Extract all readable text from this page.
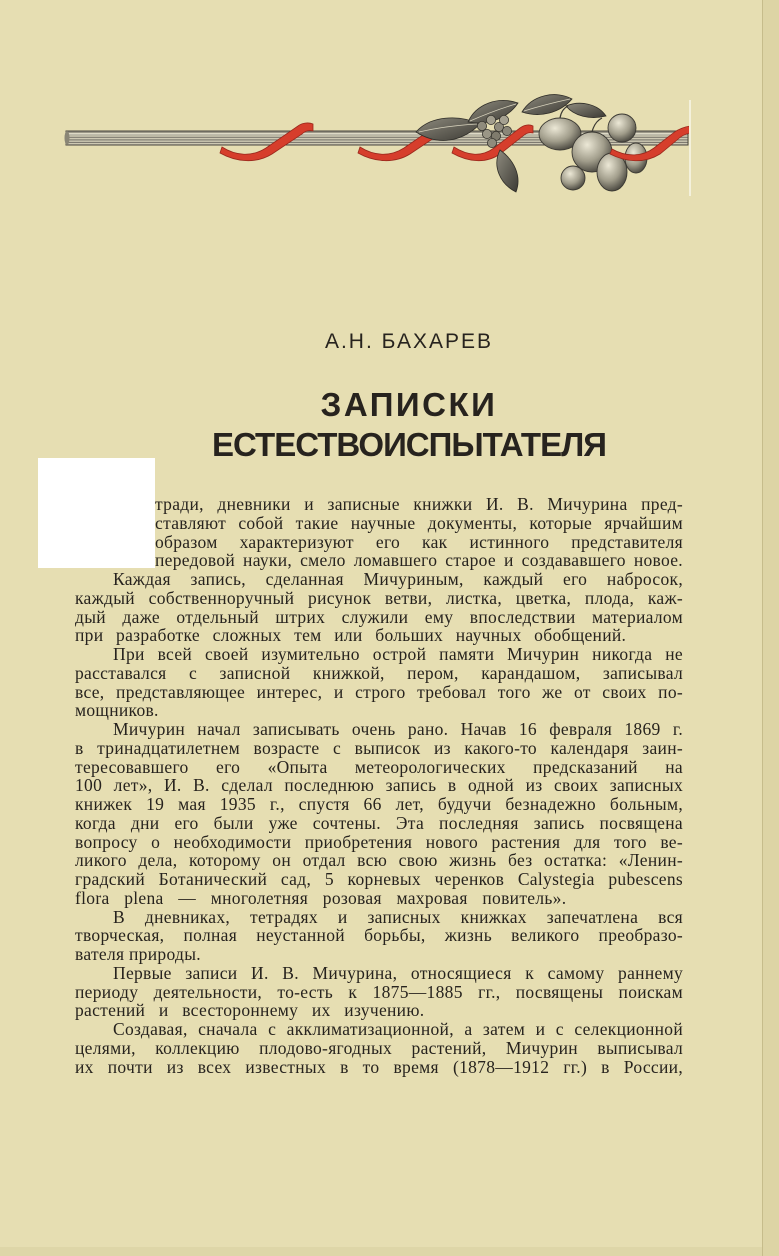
А.Н. БАХАРЕВ
ЗАПИСКИ
ЕСТЕСТВОИСПЫТАТЕЛЯ
тради, дневники и записные книжки И. В. Мичурина пред-
ставляют собой такие научные документы, которые ярчайшим
образом характеризуют его как истинного представителя
передовой науки, смело ломавшего старое и создававшего новое.
Каждая запись, сделанная Мичуриным, каждый его набросок,
каждый собственноручный рисунок ветви, листка, цветка, плода, каж-
дый даже отдельный штрих служили ему впоследствии материалом
при разработке сложных тем или больших научных обобщений.
При всей своей изумительно острой памяти Мичурин никогда не
расставался с записной книжкой, пером, карандашом, записывал
все, представляющее интерес, и строго требовал того же от своих по-
мощников.
Мичурин начал записывать очень рано. Начав 16 февраля 1869 г.
в тринадцатилетнем возрасте с выписок из какого-то календаря заин-
тересовавшего его «Опыта метеорологических предсказаний на
100 лет», И. В. сделал последнюю запись в одной из своих записных
книжек 19 мая 1935 г., спустя 66 лет, будучи безнадежно больным,
когда дни его были уже сочтены. Эта последняя запись посвящена
вопросу о необходимости приобретения нового растения для того ве-
ликого дела, которому он отдал всю свою жизнь без остатка: «Ленин-
градский Ботанический сад, 5 корневых черенков Calystegia pubescens
flora plena — многолетняя розовая махровая повитель».
В дневниках, тетрадях и записных книжках запечатлена вся
творческая, полная неустанной борьбы, жизнь великого преобразо-
вателя природы.
Первые записи И. В. Мичурина, относящиеся к самому раннему
периоду деятельности, то-есть к 1875—1885 гг., посвящены поискам
растений и всестороннему их изучению.
Создавая, сначала с акклиматизационной, а затем и с селекционной
целями, коллекцию плодово-ягодных растений, Мичурин выписывал
их почти из всех известных в то время (1878—1912 гг.) в России,
